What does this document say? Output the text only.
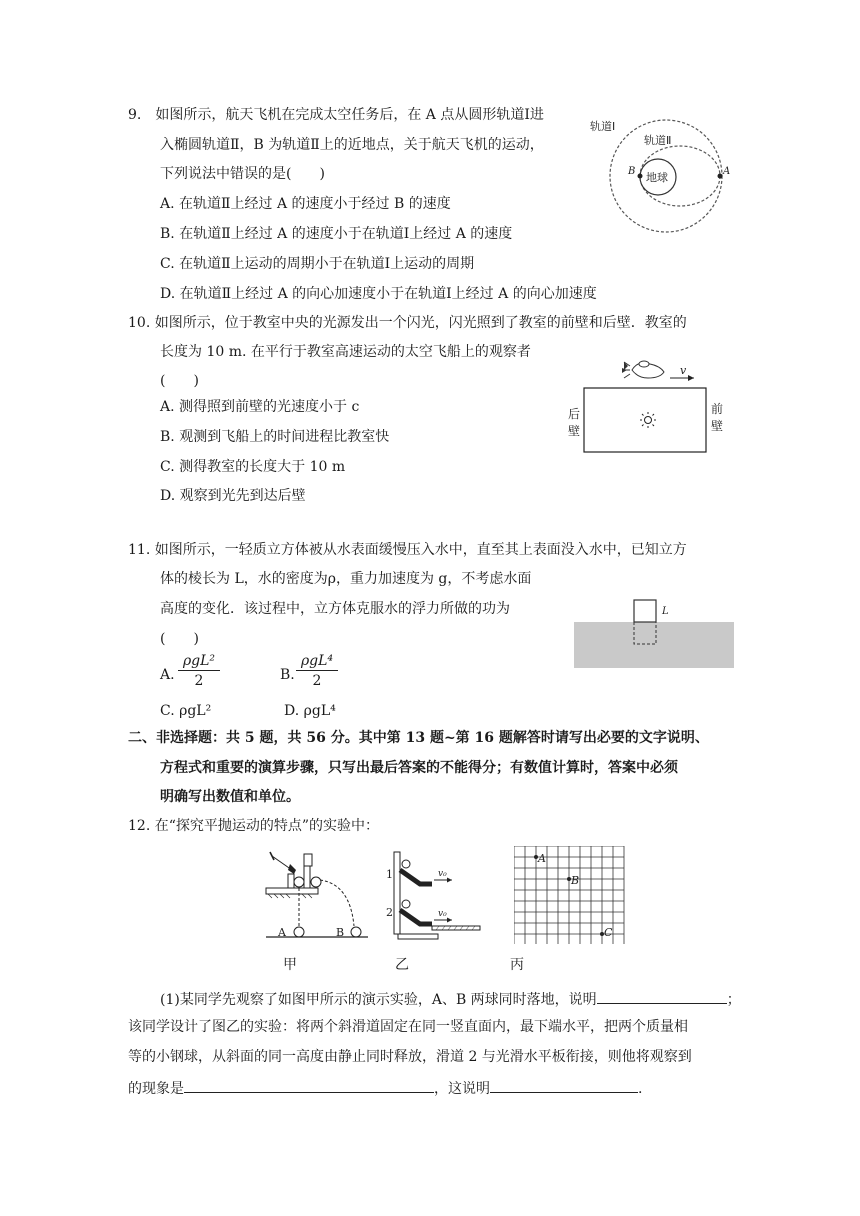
9.　如图所示，航天飞机在完成太空任务后，在 A 点从圆形轨道Ⅰ进
入椭圆轨道Ⅱ，B 为轨道Ⅱ上的近地点，关于航天飞机的运动，
下列说法中错误的是(　　)
A. 在轨道Ⅱ上经过 A 的速度小于经过 B 的速度
B. 在轨道Ⅱ上经过 A 的速度小于在轨道Ⅰ上经过 A 的速度
C. 在轨道Ⅱ上运动的周期小于在轨道Ⅰ上运动的周期
D. 在轨道Ⅱ上经过 A 的向心加速度小于在轨道Ⅰ上经过 A 的向心加速度
轨道Ⅰ
轨道Ⅱ
地球
B	A
10. 如图所示，位于教室中央的光源发出一个闪光，闪光照到了教室的前壁和后壁．教室的
长度为 10 m. 在平行于教室高速运动的太空飞船上的观察者
(　　)
A. 测得照到前壁的光速度小于 c
B. 观测到飞船上的时间进程比教室快
C. 测得教室的长度大于 10 m
D. 观察到光先到达后壁
v
后
壁
前
壁
11. 如图所示，一轻质立方体被从水表面缓慢压入水中，直至其上表面没入水中，已知立方
体的棱长为 L，水的密度为ρ，重力加速度为 g，不考虑水面
高度的变化．该过程中，立方体克服水的浮力所做的功为
(　　)
A.
ρgL²
2	B.
ρgL⁴
2
C. ρgL²	D. ρgL⁴
L
二、非选择题：共 5 题，共 56 分。其中第 13 题~第 16 题解答时请写出必要的文字说明、
方程式和重要的演算步骤，只写出最后答案的不能得分；有数值计算时，答案中必须
明确写出数值和单位。
12. 在“探究平抛运动的特点”的实验中：
A	B
1
2
v₀
v₀
A
B
C
甲	乙	丙
(1)某同学先观察了如图甲所示的演示实验，A、B 两球同时落地，说明	；
该同学设计了图乙的实验：将两个斜滑道固定在同一竖直面内，最下端水平，把两个质量相
等的小钢球，从斜面的同一高度由静止同时释放，滑道 2 与光滑水平板衔接，则他将观察到
的现象是	，这说明	.
